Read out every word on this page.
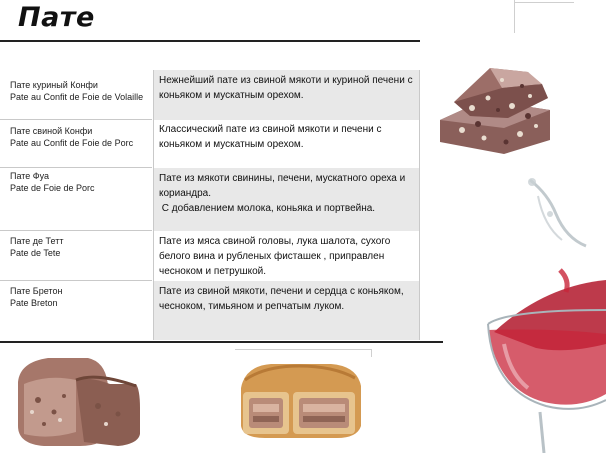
Пате
Пате куриный Конфи
Pate au Confit de Foie de Volaille
Нежнейший пате из свиной мякоти и куриной печени с коньяком и мускатным орехом.
Пате свиной Конфи
Pate au Confit de Foie de Porc
Классический пате из свиной мякоти и печени с коньяком и мускатным орехом.
Пате Фуа
Pate de Foie de Porc
Пате из мякоти свинины, печени, мускатного ореха и кориандра.
С добавлением молока, коньяка и портвейна.
Пате де Тетт
Pate de Tete
Пате из мяса свиной головы, лука шалота, сухого белого вина и рубленых фисташек , приправлен чесноком и петрушкой.
Пате Бретон
Pate Breton
Пате из свиной мякоти, печени и сердца с коньяком, чесноком, тимьяном и репчатым луком.
